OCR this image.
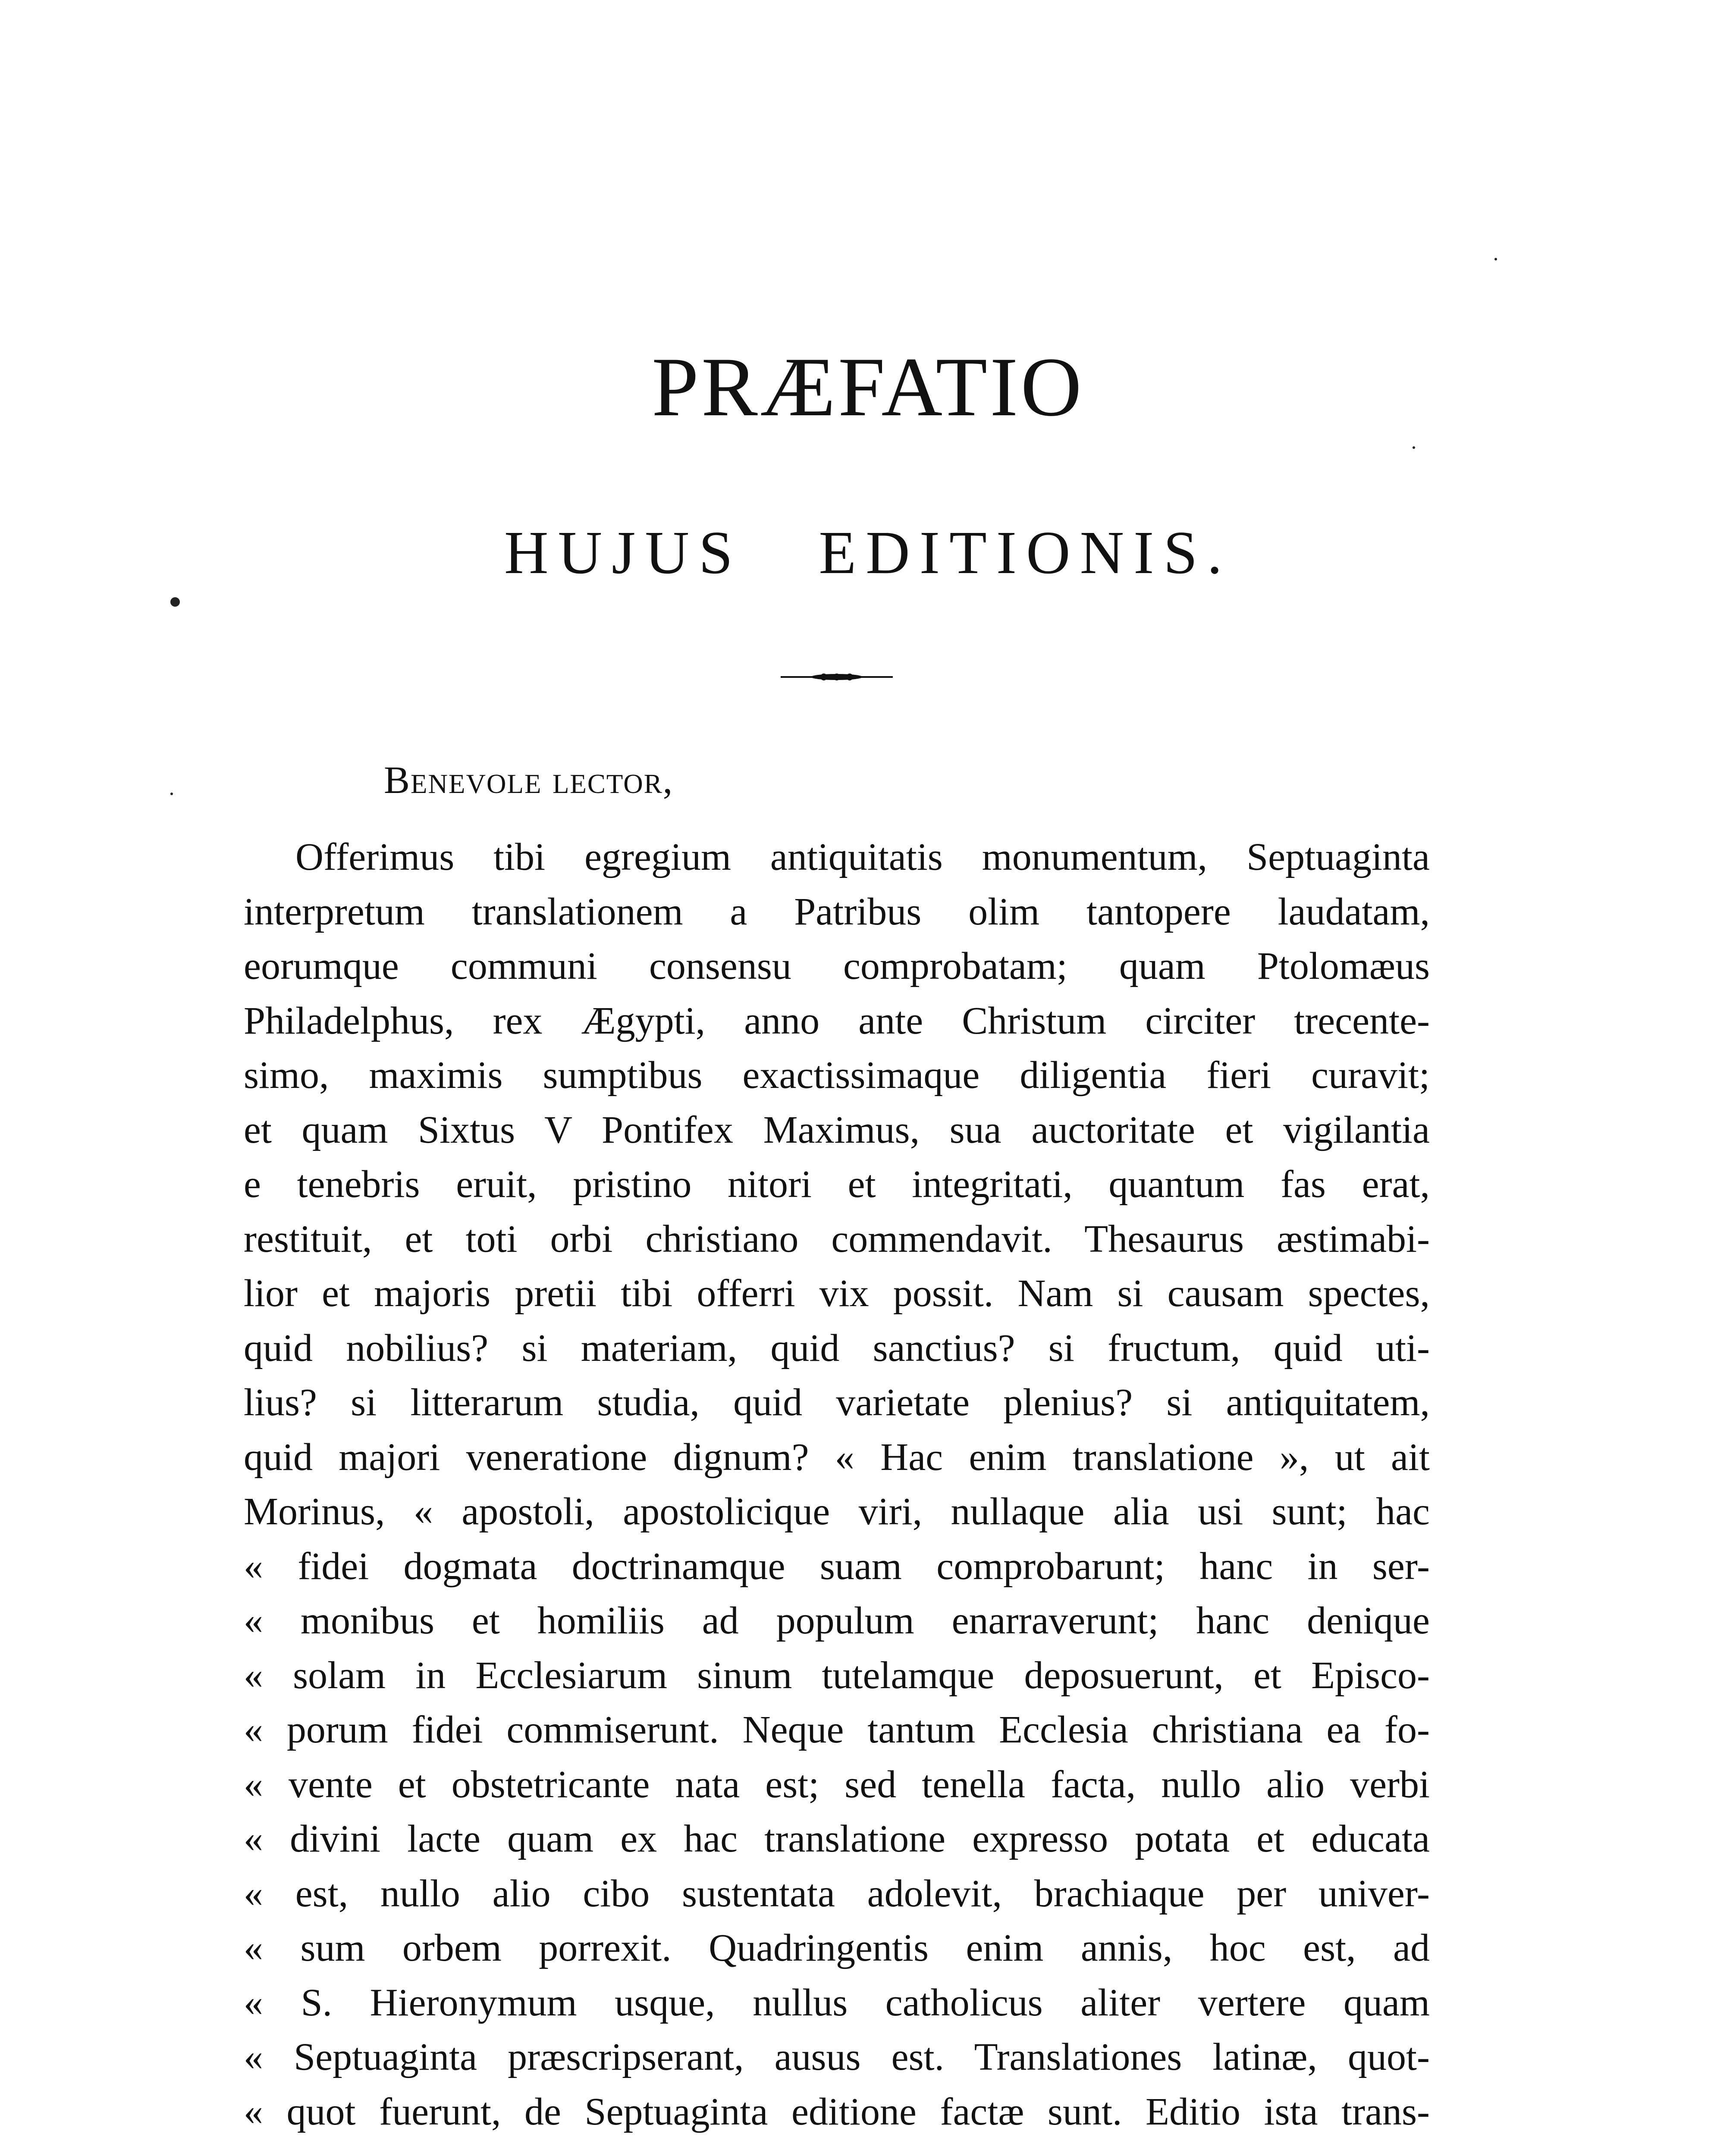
PRÆFATIO
HUJUS EDITIONIS.

Benevole lector,

Offerimus tibi egregium antiquitatis monumentum, Septuaginta
interpretum translationem a Patribus olim tantopere laudatam,
eorumque communi consensu comprobatam; quam Ptolomæus
Philadelphus, rex Ægypti, anno ante Christum circiter trecente-
simo, maximis sumptibus exactissimaque diligentia fieri curavit;
et quam Sixtus V Pontifex Maximus, sua auctoritate et vigilantia
e tenebris eruit, pristino nitori et integritati, quantum fas erat,
restituit, et toti orbi christiano commendavit. Thesaurus æstimabi-
lior et majoris pretii tibi offerri vix possit. Nam si causam spectes,
quid nobilius? si materiam, quid sanctius? si fructum, quid uti-
lius? si litterarum studia, quid varietate plenius? si antiquitatem,
quid majori veneratione dignum? « Hac enim translatione », ut ait
Morinus, « apostoli, apostolicique viri, nullaque alia usi sunt; hac
« fidei dogmata doctrinamque suam comprobarunt; hanc in ser-
« monibus et homiliis ad populum enarraverunt; hanc denique
« solam in Ecclesiarum sinum tutelamque deposuerunt, et Episco-
« porum fidei commiserunt. Neque tantum Ecclesia christiana ea fo-
« vente et obstetricante nata est; sed tenella facta, nullo alio verbi
« divini lacte quam ex hac translatione expresso potata et educata
« est, nullo alio cibo sustentata adolevit, brachiaque per univer-
« sum orbem porrexit. Quadringentis enim annis, hoc est, ad
« S. Hieronymum usque, nullus catholicus aliter vertere quam
« Septuaginta præscripserant, ausus est. Translationes latinæ, quot-
« quot fuerunt, de Septuaginta editione factæ sunt. Editio ista trans-
